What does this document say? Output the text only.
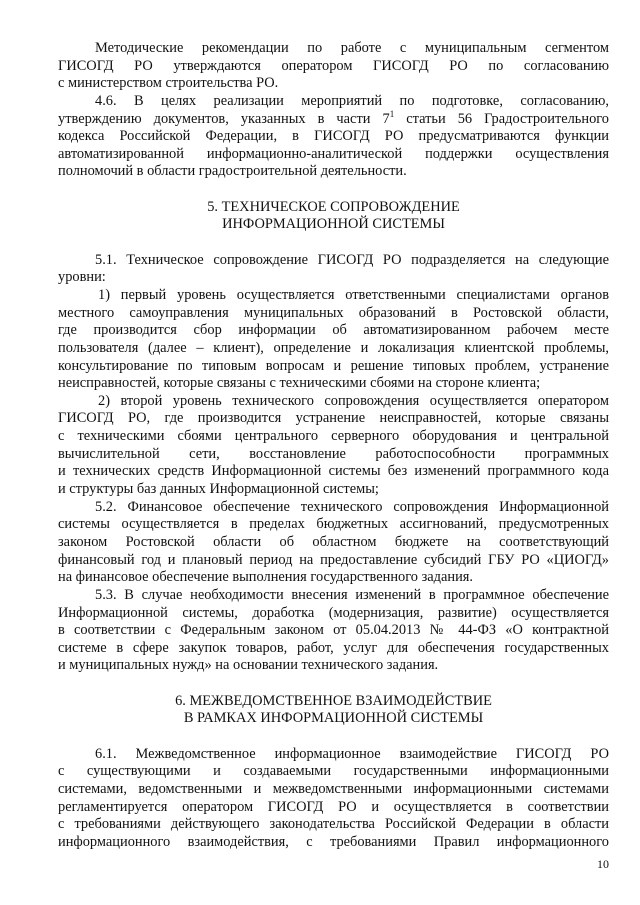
Методические рекомендации по работе с муниципальным сегментом
ГИСОГД РО утверждаются оператором ГИСОГД РО по согласованию
с министерством строительства РО.
4.6. В целях реализации мероприятий по подготовке, согласованию,
утверждению документов, указанных в части $7^1$ статьи 56 Градостроительного
кодекса Российской Федерации, в ГИСОГД РО предусматриваются функции
автоматизированной информационно-аналитической поддержки осуществления
полномочий в области градостроительной деятельности.
5. ТЕХНИЧЕСКОЕ СОПРОВОЖДЕНИЕ
ИНФОРМАЦИОННОЙ СИСТЕМЫ
5.1. Техническое сопровождение ГИСОГД РО подразделяется на следующие
уровни:
1) первый уровень осуществляется ответственными специалистами органов
местного самоуправления муниципальных образований в Ростовской области,
где производится сбор информации об автоматизированном рабочем месте
пользователя (далее – клиент), определение и локализация клиентской проблемы,
консультирование по типовым вопросам и решение типовых проблем, устранение
неисправностей, которые связаны с техническими сбоями на стороне клиента;
2) второй уровень технического сопровождения осуществляется оператором
ГИСОГД РО, где производится устранение неисправностей, которые связаны
с техническими сбоями центрального серверного оборудования и центральной
вычислительной сети, восстановление работоспособности программных
и технических средств Информационной системы без изменений программного кода
и структуры баз данных Информационной системы;
5.2. Финансовое обеспечение технического сопровождения Информационной
системы осуществляется в пределах бюджетных ассигнований, предусмотренных
законом Ростовской области об областном бюджете на соответствующий
финансовый год и плановый период на предоставление субсидий ГБУ РО «ЦИОГД»
на финансовое обеспечение выполнения государственного задания.
5.3. В случае необходимости внесения изменений в программное обеспечение
Информационной системы, доработка (модернизация, развитие) осуществляется
в соответствии с Федеральным законом от 05.04.2013 № 44-ФЗ «О контрактной
системе в сфере закупок товаров, работ, услуг для обеспечения государственных
и муниципальных нужд» на основании технического задания.
6. МЕЖВЕДОМСТВЕННОЕ ВЗАИМОДЕЙСТВИЕ
В РАМКАХ ИНФОРМАЦИОННОЙ СИСТЕМЫ
6.1. Межведомственное информационное взаимодействие ГИСОГД РО
с существующими и создаваемыми государственными информационными
системами, ведомственными и межведомственными информационными системами
регламентируется оператором ГИСОГД РО и осуществляется в соответствии
с требованиями действующего законодательства Российской Федерации в области
информационного взаимодействия, с требованиями Правил информационного
10
